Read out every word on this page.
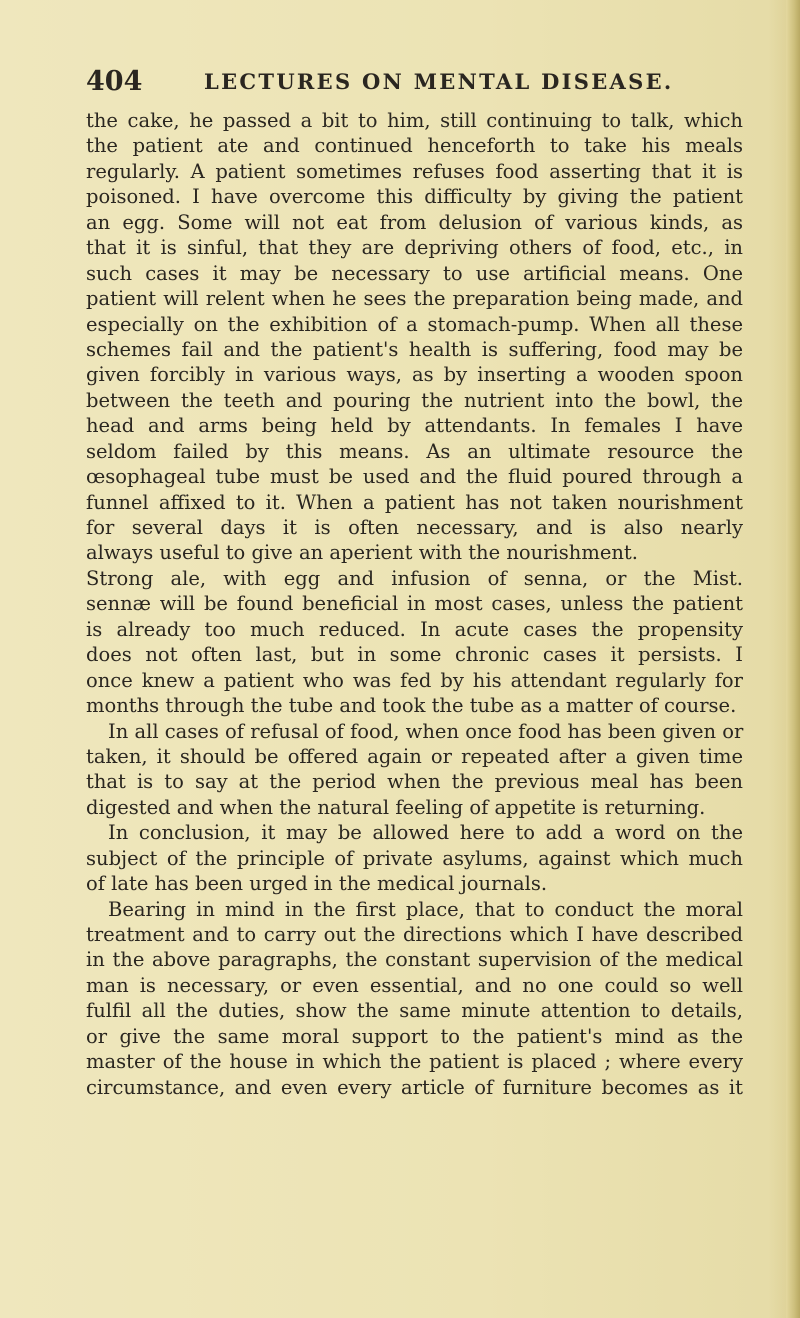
404	LECTURES ON MENTAL DISEASE.
the cake, he passed a bit to him, still continuing to talk, which
the patient ate and continued henceforth to take his meals
regularly. A patient sometimes refuses food asserting that it is
poisoned. I have overcome this difficulty by giving the patient
an egg. Some will not eat from delusion of various kinds, as
that it is sinful, that they are depriving others of food, etc., in
such cases it may be necessary to use artificial means. One
patient will relent when he sees the preparation being made, and
especially on the exhibition of a stomach-pump. When all these
schemes fail and the patient's health is suffering, food may be
given forcibly in various ways, as by inserting a wooden spoon
between the teeth and pouring the nutrient into the bowl, the
head and arms being held by attendants. In females I have
seldom failed by this means. As an ultimate resource the
œsophageal tube must be used and the fluid poured through a
funnel affixed to it. When a patient has not taken nourishment
for several days it is often necessary, and is also nearly
always useful to give an aperient with the nourishment.
Strong ale, with egg and infusion of senna, or the Mist.
sennæ will be found beneficial in most cases, unless the patient
is already too much reduced. In acute cases the propensity
does not often last, but in some chronic cases it persists. I
once knew a patient who was fed by his attendant regularly for
months through the tube and took the tube as a matter of course.
In all cases of refusal of food, when once food has been given or
taken, it should be offered again or repeated after a given time
that is to say at the period when the previous meal has been
digested and when the natural feeling of appetite is returning.
In conclusion, it may be allowed here to add a word on the
subject of the principle of private asylums, against which much
of late has been urged in the medical journals.
Bearing in mind in the first place, that to conduct the moral
treatment and to carry out the directions which I have described
in the above paragraphs, the constant supervision of the medical
man is necessary, or even essential, and no one could so well
fulfil all the duties, show the same minute attention to details,
or give the same moral support to the patient's mind as the
master of the house in which the patient is placed ; where every
circumstance, and even every article of furniture becomes as it
